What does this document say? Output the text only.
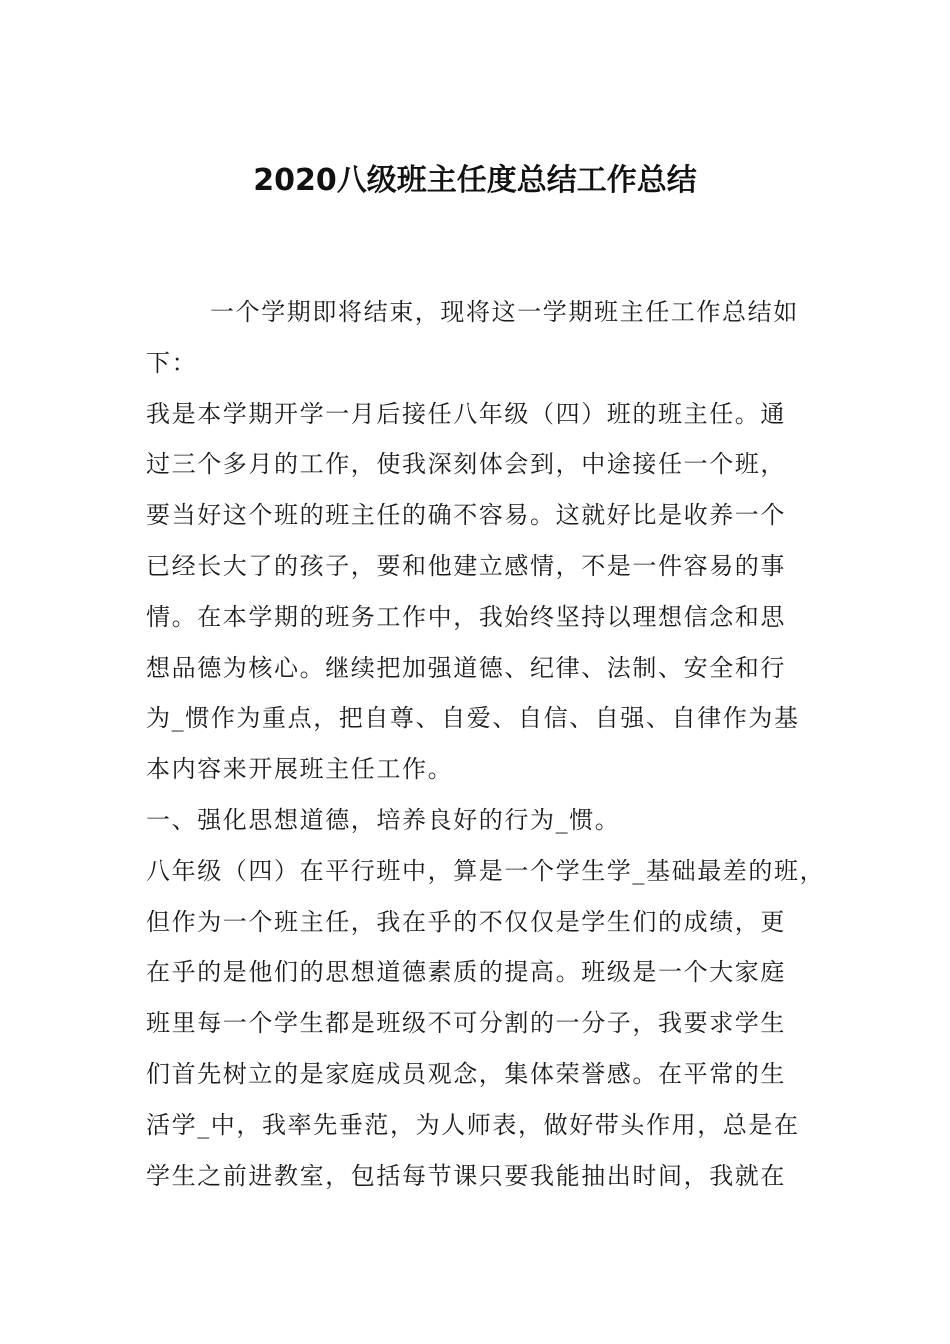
2020八级班主任度总结工作总结
一个学期即将结束，现将这一学期班主任工作总结如
下：
我是本学期开学一月后接任八年级（四）班的班主任。通
过三个多月的工作，使我深刻体会到，中途接任一个班，
要当好这个班的班主任的确不容易。这就好比是收养一个
已经长大了的孩子，要和他建立感情，不是一件容易的事
情。在本学期的班务工作中，我始终坚持以理想信念和思
想品德为核心。继续把加强道德、纪律、法制、安全和行
为_惯作为重点，把自尊、自爱、自信、自强、自律作为基
本内容来开展班主任工作。
一、强化思想道德，培养良好的行为_惯。
八年级（四）在平行班中，算是一个学生学_基础最差的班，
但作为一个班主任，我在乎的不仅仅是学生们的成绩，更
在乎的是他们的思想道德素质的提高。班级是一个大家庭
班里每一个学生都是班级不可分割的一分子，我要求学生
们首先树立的是家庭成员观念，集体荣誉感。在平常的生
活学_中，我率先垂范，为人师表，做好带头作用，总是在
学生之前进教室，包括每节课只要我能抽出时间，我就在
